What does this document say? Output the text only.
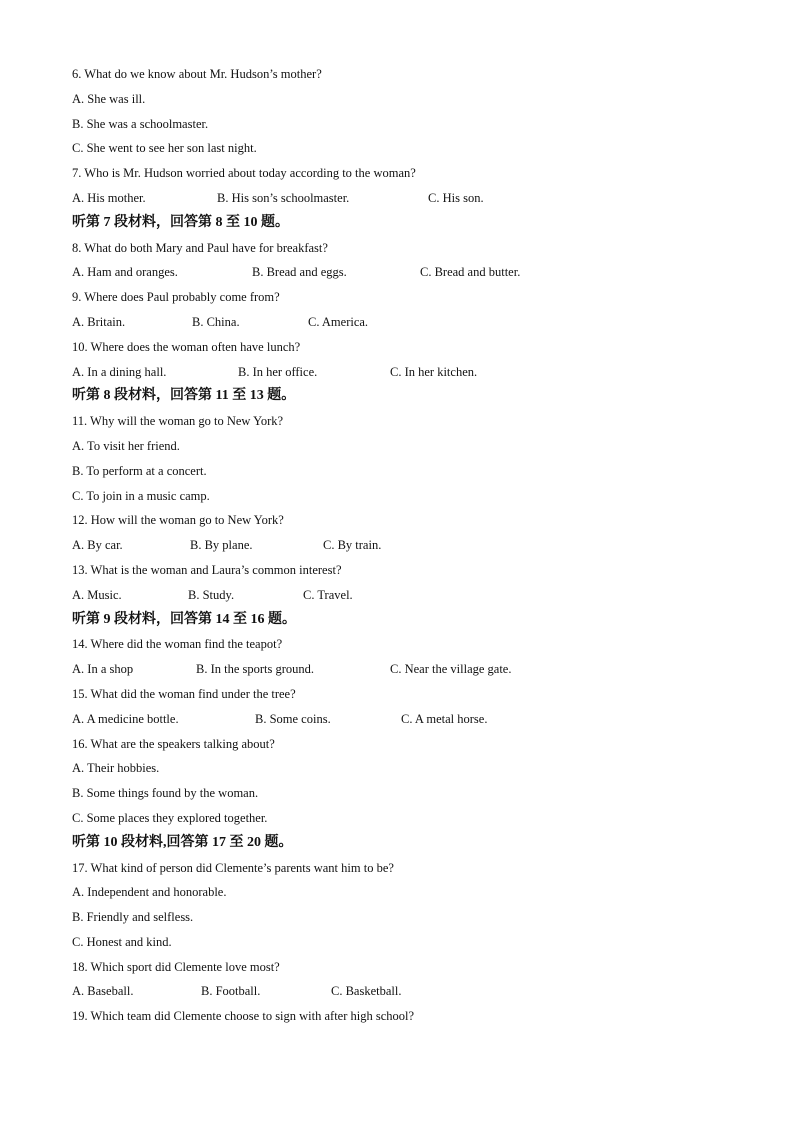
6. What do we know about Mr. Hudson’s mother?
A. She was ill.
B. She was a schoolmaster.
C. She went to see her son last night.
7. Who is Mr. Hudson worried about today according to the woman?
A. His mother.	B. His son’s schoolmaster.	C. His son.
听第 7 段材料，回答第 8 至 10 题。
8. What do both Mary and Paul have for breakfast?
A. Ham and oranges.	B. Bread and eggs.	C. Bread and butter.
9. Where does Paul probably come from?
A. Britain.	B. China.	C. America.
10. Where does the woman often have lunch?
A. In a dining hall.	B. In her office.	C. In her kitchen.
听第 8 段材料，回答第 11 至 13 题。
11. Why will the woman go to New York?
A. To visit her friend.
B. To perform at a concert.
C. To join in a music camp.
12. How will the woman go to New York?
A. By car.	B. By plane.	C. By train.
13. What is the woman and Laura’s common interest?
A. Music.	B. Study.	C. Travel.
听第 9 段材料，回答第 14 至 16 题。
14. Where did the woman find the teapot?
A. In a shop	B. In the sports ground.	C. Near the village gate.
15. What did the woman find under the tree?
A. A medicine bottle.	B. Some coins.	C. A metal horse.
16. What are the speakers talking about?
A. Their hobbies.
B. Some things found by the woman.
C. Some places they explored together.
听第 10 段材料,回答第 17 至 20 题。
17. What kind of person did Clemente’s parents want him to be?
A. Independent and honorable.
B. Friendly and selfless.
C. Honest and kind.
18. Which sport did Clemente love most?
A. Baseball.	B. Football.	C. Basketball.
19. Which team did Clemente choose to sign with after high school?
